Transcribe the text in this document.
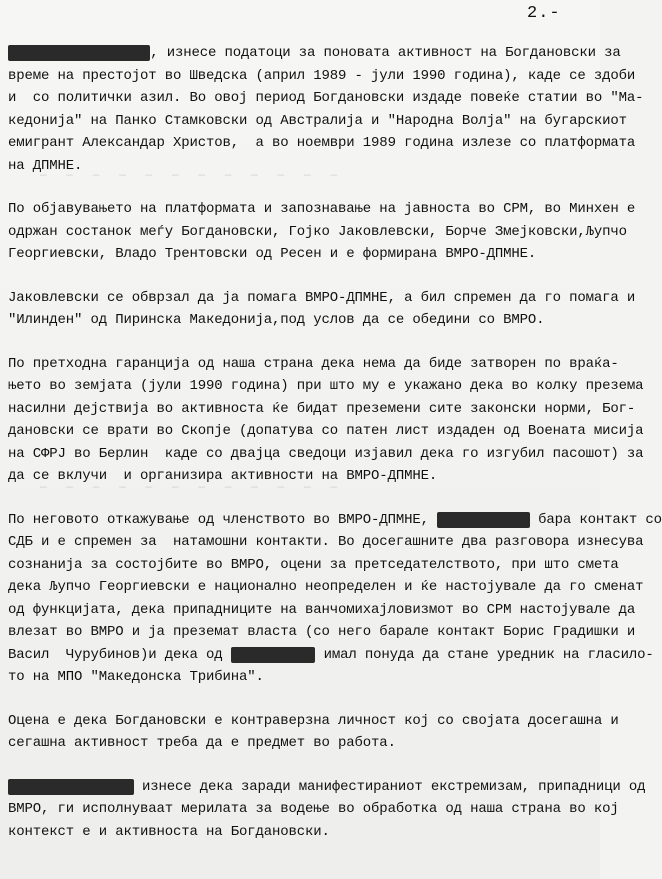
—   —   —   —   —   —   —   —   —   —   —   —
—   —   —   —   —   —   —   —   —   —   —   —
2.-
Величковски Добри, изнесе податоци за поновата активност на Богдановски за
време на престојот во Шведска (април 1989 - јули 1990 година), каде се здоби
и  со политички азил. Во овој период Богдановски издаде повеќе статии во "Ма-
кедонија" на Панко Стамковски од Австралија и "Народна Волја" на бугарскиот
емигрант Александар Христов,  а во ноември 1989 година излезе со платформата
на ДПМНЕ.
По објавувањето на платформата и запознавање на јавноста во СРМ, во Минхен е
одржан состанок меѓу Богдановски, Гојко Јаковлевски, Борче Змејковски,Љупчо
Георгиевски, Владо Трентовски од Ресен и е формирана ВМРО-ДПМНЕ.
Јаковлевски се обврзал да ја помага ВМРО-ДПМНЕ, а бил спремен да го помага и
"Илинден" од Пиринска Македонија,под услов да се обедини со ВМРО.
По претходна гаранција од наша страна дека нема да биде затворен по враќа-
њето во земјата (јули 1990 година) при што му е укажано дека во колку презема
насилни дејствија во активноста ќе бидат преземени сите законски норми, Бог-
дановски се врати во Скопје (допатува со патен лист издаден од Воената мисија
на СФРЈ во Берлин  каде со двајца сведоци изјавил дека го изгубил пасошот) за
да се вклучи  и организира активности на ВМРО-ДПМНЕ.
По неговото откажување од членството во ВМРО-ДПМНЕ, Богдановски бара контакт со
СДБ и е спремен за  натамошни контакти. Во досегашните два разговора изнесува
сознанија за состојбите во ВМРО, оцени за претседателството, при што смета
дека Љупчо Георгиевски е национално неопределен и ќе настојувале да го сменат
од функцијата, дека припадниците на ванчомихајловизмот во СРМ настојувале да
влезат во ВМРО и ја преземат власта (со него барале контакт Борис Градишки и
Васил  Чурубинов)и дека од Димо Попов имал понуда да стане уредник на гласило-
то на МПО "Македонска Трибина".
Оцена е дека Богдановски е контраверзна личност кој со својата досегашна и
сегашна активност треба да е предмет во работа.
Божидар Кулески изнесе дека заради манифестираниот екстремизам, припадници од
ВМРО, ги исполнуваат мерилата за водење во обработка од наша страна во кој
контекст е и активноста на Богдановски.
